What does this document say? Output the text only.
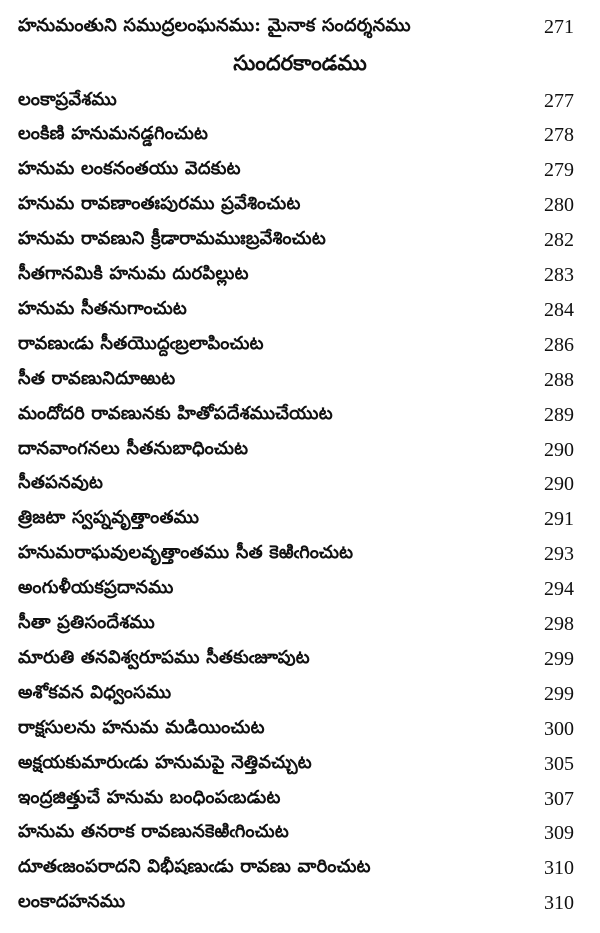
హనుమంతుని సముద్రలంఘనము: మైనాక సందర్శనము	271
సుందరకాండము
లంకాప్రవేశము	277
లంకిణి హనుమనడ్డగించుట	278
హనుమ లంకనంతయు వెదకుట	279
హనుమ రావణాంతఃపురము ప్రవేశించుట	280
హనుమ రావణుని క్రీడారామముఃబ్రవేశించుట	282
సీతగానమికి హనుమ దురపిల్లుట	283
హనుమ సీతనుగాంచుట	284
రావణుఁడు సీతయొద్దఁబ్రలాపించుట	286
సీత రావణునిదూఱుట	288
మందోదరి రావణునకు హితోపదేశముచేయుట	289
దానవాంగనలు సీతనుబాధించుట	290
సీతపనవుట	290
త్రిజటా స్వప్నవృత్తాంతము	291
హనుమరాఘవులవృత్తాంతము సీత కెఱిఁగించుట	293
అంగుళీయకప్రదానము	294
సీతా ప్రతిసందేశము	298
మారుతి తనవిశ్వరూపము సీతకుఁజూపుట	299
అశోకవన విధ్వంసము	299
రాక్షసులను హనుమ మడియించుట	300
అక్షయకుమారుఁడు హనుమపై నెత్తివచ్చుట	305
ఇంద్రజిత్తుచే హనుమ బంధింపఁబడుట	307
హనుమ తనరాక రావణునకెఱిఁగించుట	309
దూతఁజంపరాదని విభీషణుఁడు రావణు వారించుట	310
లంకాదహనము	310
